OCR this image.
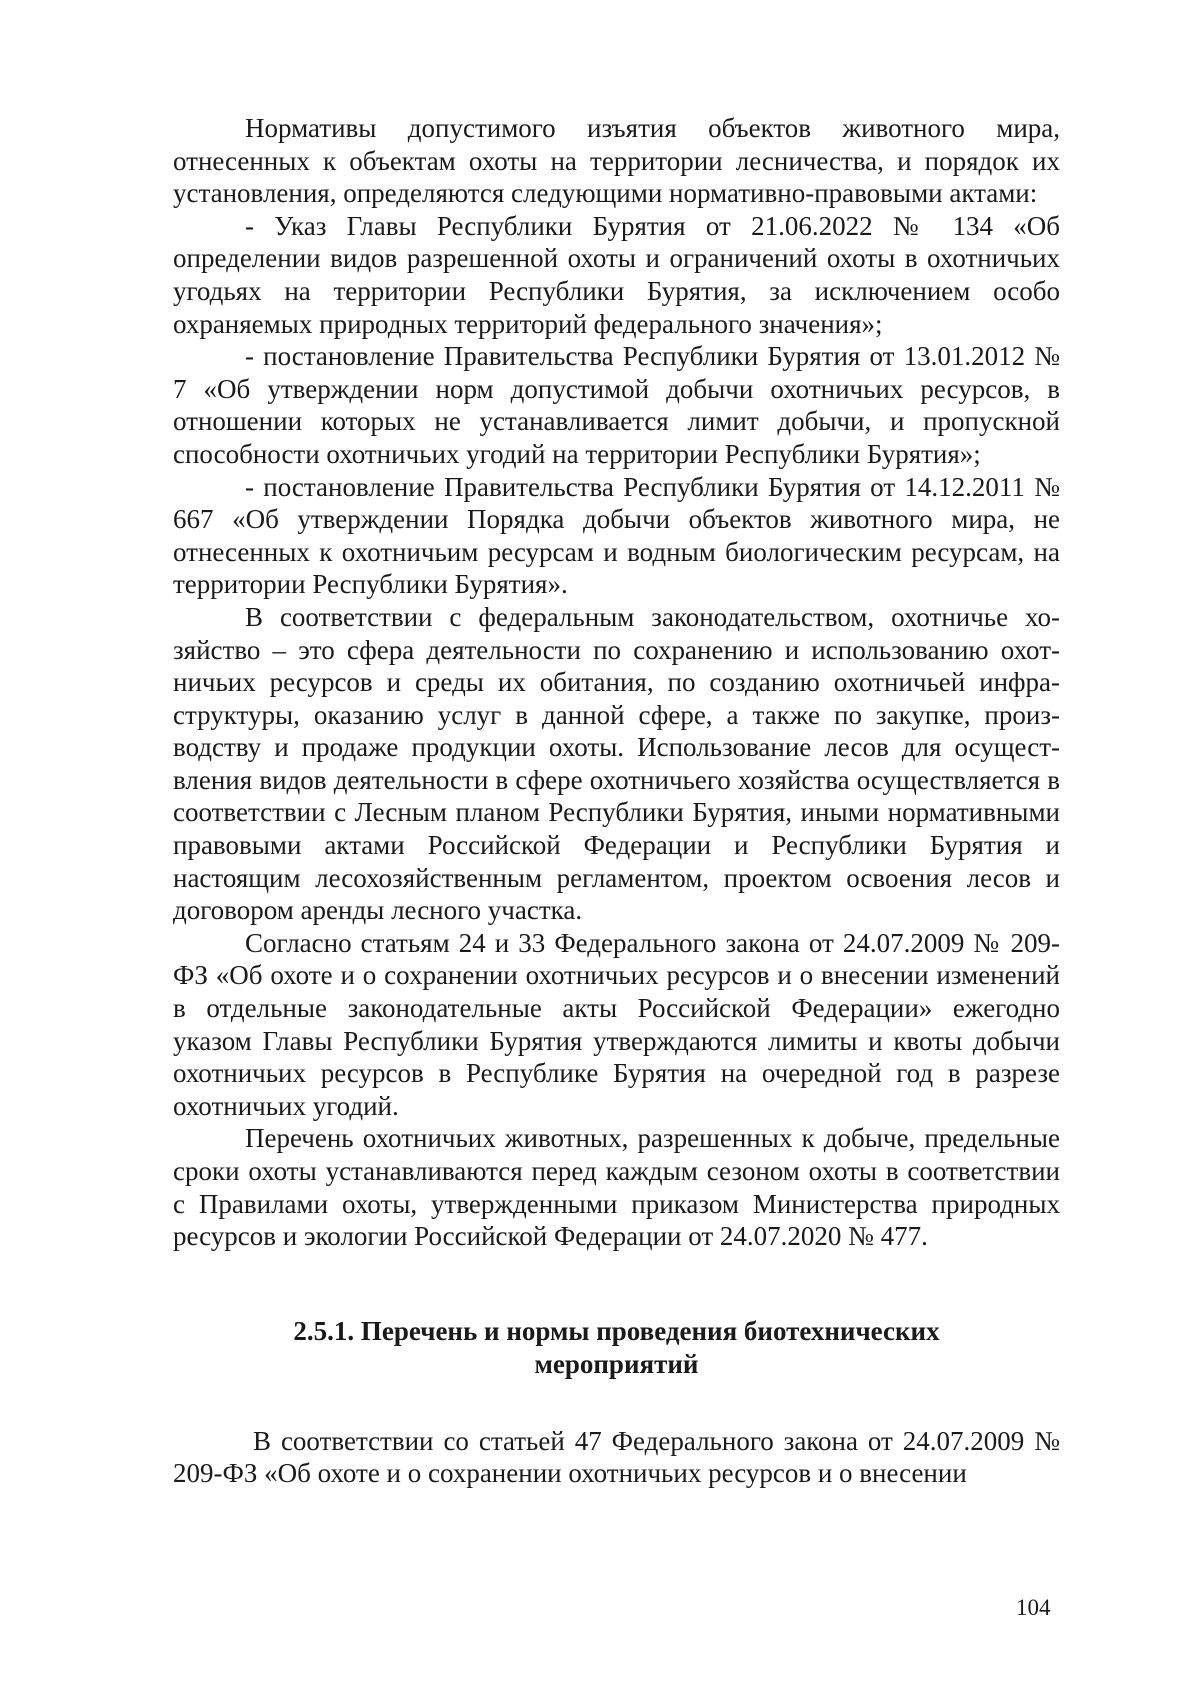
Нормативы допустимого изъятия объектов животного мира, отнесенных к объектам охоты на территории лесничества, и порядок их установления, определяются следующими нормативно-правовыми актами:

- Указ Главы Республики Бурятия от 21.06.2022 № 134 «Об определении видов разрешенной охоты и ограничений охоты в охотничьих угодьях на территории Республики Бурятия, за исключением особо охраняемых природных территорий федерального значения»;

- постановление Правительства Республики Бурятия от 13.01.2012 № 7 «Об утверждении норм допустимой добычи охотничьих ресурсов, в отношении которых не устанавливается лимит добычи, и пропускной способности охотничьих угодий на территории Республики Бурятия»;

- постановление Правительства Республики Бурятия от 14.12.2011 № 667 «Об утверждении Порядка добычи объектов животного мира, не отнесенных к охотничьим ресурсам и водным биологическим ресурсам, на территории Республики Бурятия».

В соответствии с федеральным законодательством, охотничье хозяйство – это сфера деятельности по сохранению и использованию охотничьих ресурсов и среды их обитания, по созданию охотничьей инфраструктуры, оказанию услуг в данной сфере, а также по закупке, производству и продаже продукции охоты. Использование лесов для осуществления видов деятельности в сфере охотничьего хозяйства осуществляется в соответствии с Лесным планом Республики Бурятия, иными нормативными правовыми актами Российской Федерации и Республики Бурятия и настоящим лесохозяйственным регламентом, проектом освоения лесов и договором аренды лесного участка.

Согласно статьям 24 и 33 Федерального закона от 24.07.2009 № 209-ФЗ «Об охоте и о сохранении охотничьих ресурсов и о внесении изменений в отдельные законодательные акты Российской Федерации» ежегодно указом Главы Республики Бурятия утверждаются лимиты и квоты добычи охотничьих ресурсов в Республике Бурятия на очередной год в разрезе охотничьих угодий.

Перечень охотничьих животных, разрешенных к добыче, предельные сроки охоты устанавливаются перед каждым сезоном охоты в соответствии с Правилами охоты, утвержденными приказом Министерства природных ресурсов и экологии Российской Федерации от 24.07.2020 № 477.

2.5.1. Перечень и нормы проведения биотехнических
мероприятий

В соответствии со статьей 47 Федерального закона от 24.07.2009 № 209-ФЗ «Об охоте и о сохранении охотничьих ресурсов и о внесении

104
